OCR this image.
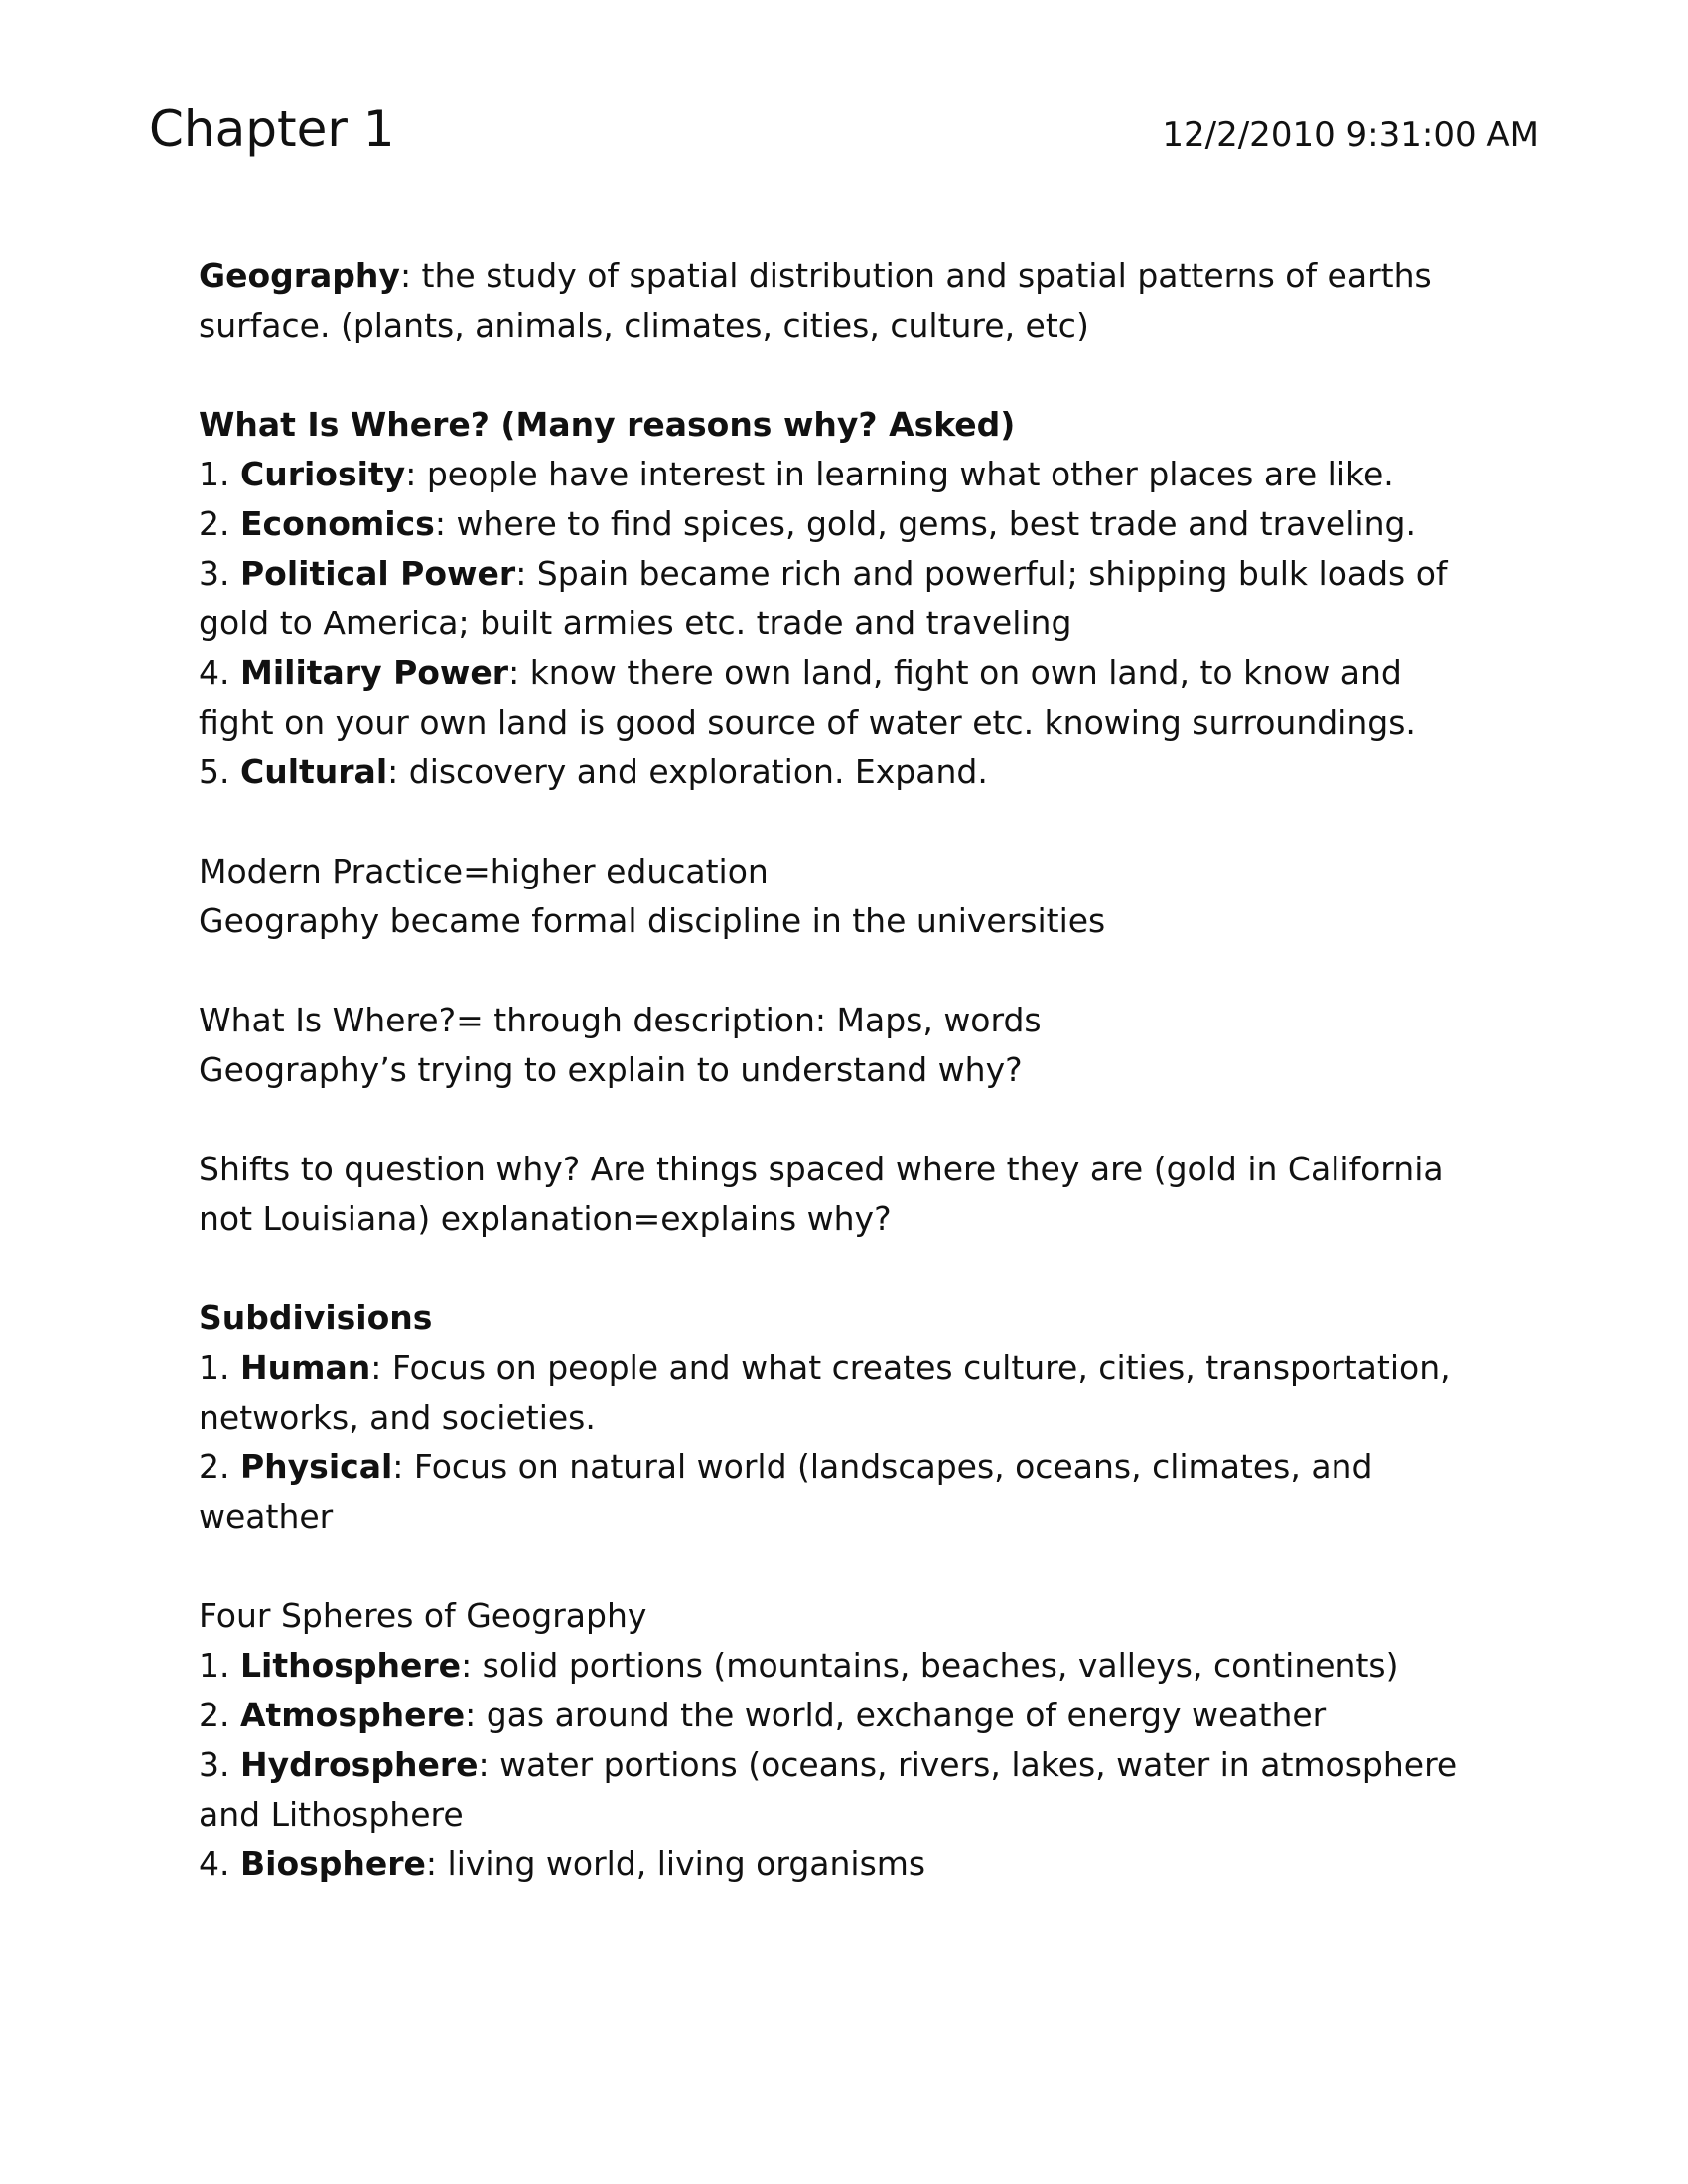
Chapter 1	12/2/2010 9:31:00 AM

Geography: the study of spatial distribution and spatial patterns of earths

surface. (plants, animals, climates, cities, culture, etc)

What Is Where? (Many reasons why? Asked)

1. Curiosity: people have interest in learning what other places are like.

2. Economics: where to find spices, gold, gems, best trade and traveling.

3. Political Power: Spain became rich and powerful; shipping bulk loads of

gold to America; built armies etc. trade and traveling

4. Military Power: know there own land, fight on own land, to know and

fight on your own land is good source of water etc. knowing surroundings.

5. Cultural: discovery and exploration. Expand.

Modern Practice=higher education

Geography became formal discipline in the universities

What Is Where?= through description: Maps, words

Geography’s trying to explain to understand why?

Shifts to question why? Are things spaced where they are (gold in California

not Louisiana) explanation=explains why?

Subdivisions

1. Human: Focus on people and what creates culture, cities, transportation,

networks, and societies.

2. Physical: Focus on natural world (landscapes, oceans, climates, and

weather

Four Spheres of Geography

1. Lithosphere: solid portions (mountains, beaches, valleys, continents)

2. Atmosphere: gas around the world, exchange of energy weather

3. Hydrosphere: water portions (oceans, rivers, lakes, water in atmosphere

and Lithosphere

4. Biosphere: living world, living organisms
